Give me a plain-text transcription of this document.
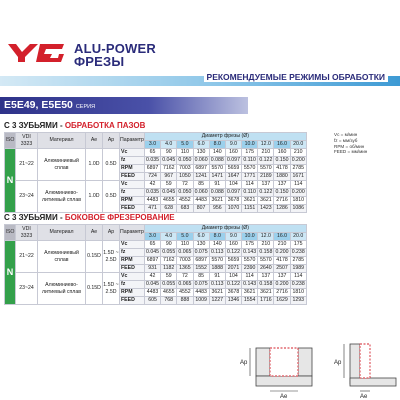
ALU-POWER
ФРЕЗЫ
РЕКОМЕНДУЕМЫЕ РЕЖИМЫ ОБРАБОТКИ
E5E49, E5E50 СЕРИЯ
Vc = м/мин
fz = мм/зуб
RPM = об/мин
FEED = мм/мин
С 3 ЗУБЬЯМИ - ОБРАБОТКА ПАЗОВ
ISO	VDI
3323	Материал	Ae	Ap	Параметр	Диаметр фрезы (Ø)									
						3.0	4.0	5.0	6.0	8.0	9.0	10.0	12.0	16.0	20.0
N	21~22	Алюминиевый сплав	1.0D	0.5D	Vc	65	90	110	130	140	160	175	210	160	210
					fz	0.035	0.045	0.050	0.060	0.088	0.097	0.110	0.122	0.150	0.200
					RPM	6897	7162	7003	6897	5570	5659	5570	5570	4178	2785
					FEED	724	967	1050	1241	1471	1647	1771	2189	1880	1671
	23~24	Алюминиево-литиевый сплав	1.0D	0.5D	Vc	42	59	72	85	91	104	114	137	137	114
					fz	0.035	0.045	0.050	0.060	0.088	0.097	0.110	0.122	0.150	0.200
					RPM	4483	4655	4552	4483	3621	3678	3621	3621	2716	1810
					FEED	471	628	683	807	956	1070	1151	1423	1286	1086
С 3 ЗУБЬЯМИ - БОКОВОЕ ФРЕЗЕРОВАНИЕ
ISO	VDI
3323	Материал	Ae	Ap	Параметр	Диаметр фрезы (Ø)									
						3.0	4.0	5.0	6.0	8.0	9.0	10.0	12.0	16.0	20.0
N	21~22	Алюминиевый сплав	0.15D	1.5D ~ 2.5D	Vc	65	90	110	130	140	160	175	210	210	175
					fz	0.045	0.055	0.065	0.075	0.113	0.122	0.143	0.158	0.200	0.238
					RPM	6897	7162	7003	6897	5570	5659	5570	5570	4178	2785
					FEED	931	1182	1365	1552	1888	2071	2390	2640	2507	1989
	23~24	Алюминиево-литиевый сплав	0.15D	1.5D ~ 2.5D	Vc	42	59	72	85	91	104	114	137	137	114
					fz	0.045	0.055	0.065	0.075	0.113	0.122	0.143	0.158	0.200	0.238
					RPM	4483	4655	4552	4483	3621	3678	3621	3621	2716	1810
					FEED	605	768	888	1009	1227	1346	1554	1716	1629	1293
Ap
Ae
Ap
Ae
